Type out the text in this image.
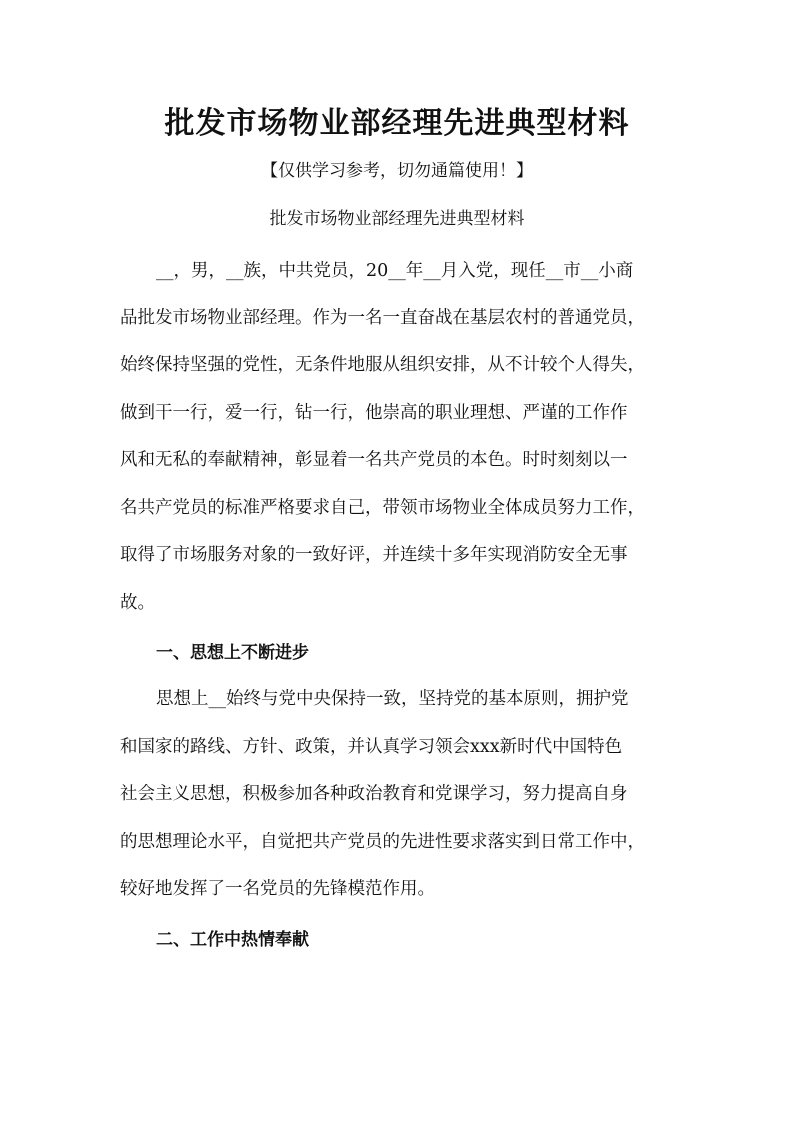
批发市场物业部经理先进典型材料
【仅供学习参考，切勿通篇使用！】
批发市场物业部经理先进典型材料
__，男，__族，中共党员，20__年__月入党，现任__市__小商
品批发市场物业部经理。作为一名一直奋战在基层农村的普通党员，
始终保持坚强的党性，无条件地服从组织安排，从不计较个人得失，
做到干一行，爱一行，钻一行，他崇高的职业理想、严谨的工作作
风和无私的奉献精神，彰显着一名共产党员的本色。时时刻刻以一
名共产党员的标准严格要求自己，带领市场物业全体成员努力工作，
取得了市场服务对象的一致好评，并连续十多年实现消防安全无事
故。
一、思想上不断进步
思想上__始终与党中央保持一致，坚持党的基本原则，拥护党
和国家的路线、方针、政策，并认真学习领会xxx新时代中国特色
社会主义思想，积极参加各种政治教育和党课学习，努力提高自身
的思想理论水平，自觉把共产党员的先进性要求落实到日常工作中，
较好地发挥了一名党员的先锋模范作用。
二、工作中热情奉献
